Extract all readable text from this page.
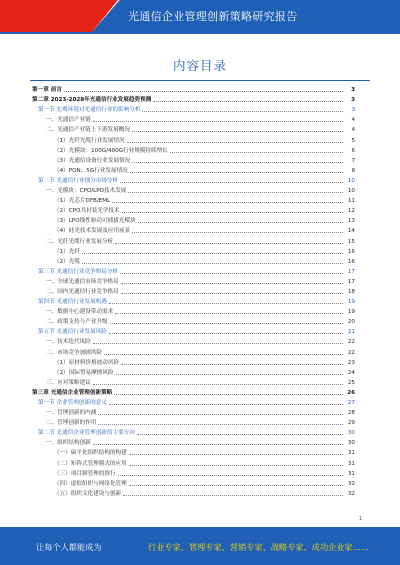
光通信企业管理创新策略研究报告
内容目录
第一章 前言	3
第二章 2023-2028年光通信行业发展趋势预测	3
第一节 宏观环境对光通信行业的影响分析	3
一、光通信产业链	4
二、光通信产业链上下游发展概况	4
（1）光纤光缆行业发展情况	5
（2）光模块：100G/400G行业规模持续增长	6
（3）光通信设备行业发展情况	7
（4）PON、5G行业发展情况	8
第二节 光通信行业细分市场分析	10
一、光模块：CPO/LPO技术发展	10
（1）光芯片DFB/EML	11
（2）CPO共封装光学技术	12
（3）LPO线性驱动可插拔光模块	13
（4）硅光技术发展及应用前景	14
二、光纤光缆行业发展分析	15
（1）光纤	16
（2）光缆	16
第三节 光通信行业竞争格局分析	17
一、全球光通信市场竞争格局	17
二、国内光通信行业竞争格局	18
第四节 光通信行业发展机遇	19
一、数据中心建设带动需求	19
二、政策支持与产业升级	20
第五节 光通信行业发展风险	21
一、技术迭代风险	22
二、市场竞争加剧风险	22
（1）原材料价格波动风险	23
（2）国际贸易摩擦风险	24
三、应对策略建议	25
第三章 光通信企业管理创新策略	26
第一节 企业管理创新的意义	27
一、管理创新的内涵	28
二、管理创新的作用	29
第二节 光通信企业管理创新的主要方向	30
一、组织结构创新	30
（一）扁平化组织结构的构建	31
（二）矩阵式管理模式的应用	31
（三）项目制管理的推行	31
（四）虚拟组织与网络化管理	32
（五）组织文化建设与创新	32
1
让每个人都能成为	行业专家、管理专家、营销专家、战略专家、成功企业家……
